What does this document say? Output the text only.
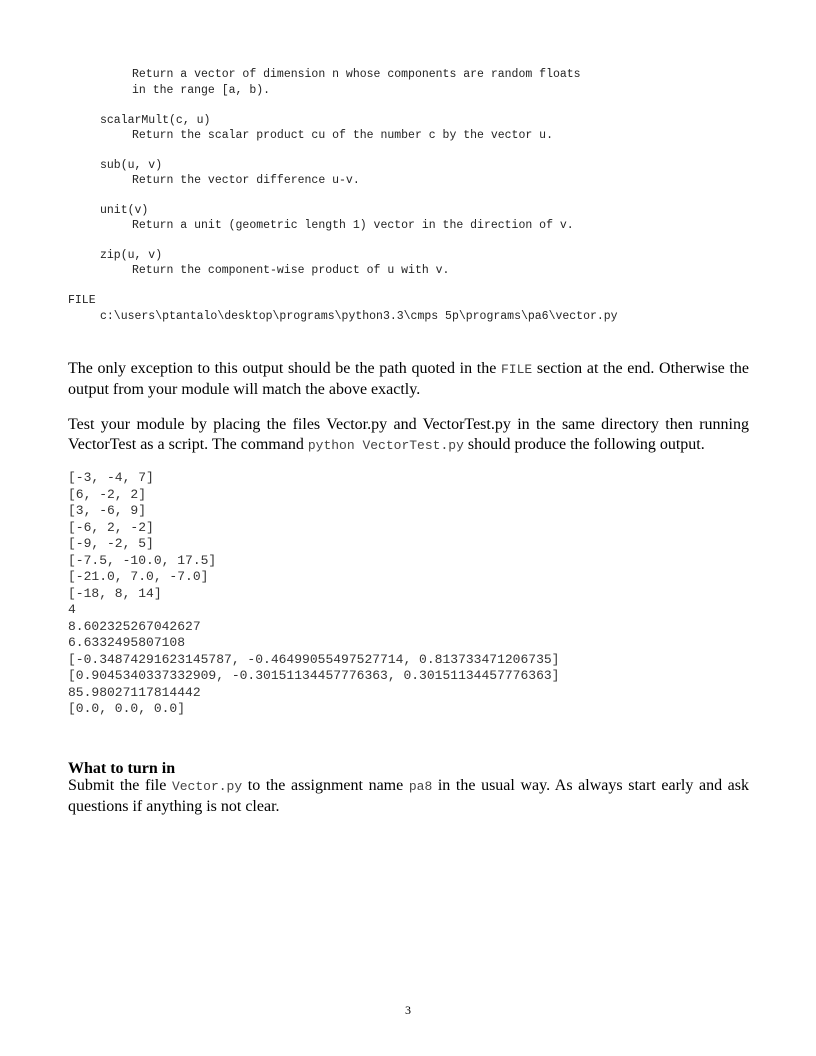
Return a vector of dimension n whose components are random floats
in the range [a, b).
scalarMult(c, u)
Return the scalar product cu of the number c by the vector u.
sub(u, v)
Return the vector difference u-v.
unit(v)
Return a unit (geometric length 1) vector in the direction of v.
zip(u, v)
Return the component-wise product of u with v.
FILE
c:\users\ptantalo\desktop\programs\python3.3\cmps 5p\programs\pa6\vector.py
The only exception to this output should be the path quoted in the FILE section at the end. Otherwise the output from your module will match the above exactly.
Test your module by placing the files Vector.py and VectorTest.py in the same directory then running VectorTest as a script. The command python VectorTest.py should produce the following output.
[-3, -4, 7]
[6, -2, 2]
[3, -6, 9]
[-6, 2, -2]
[-9, -2, 5]
[-7.5, -10.0, 17.5]
[-21.0, 7.0, -7.0]
[-18, 8, 14]
4
8.602325267042627
6.6332495807108
[-0.34874291623145787, -0.46499055497527714, 0.813733471206735]
[0.9045340337332909, -0.30151134457776363, 0.30151134457776363]
85.98027117814442
[0.0, 0.0, 0.0]
What to turn in
Submit the file Vector.py to the assignment name pa8 in the usual way. As always start early and ask questions if anything is not clear.
3
